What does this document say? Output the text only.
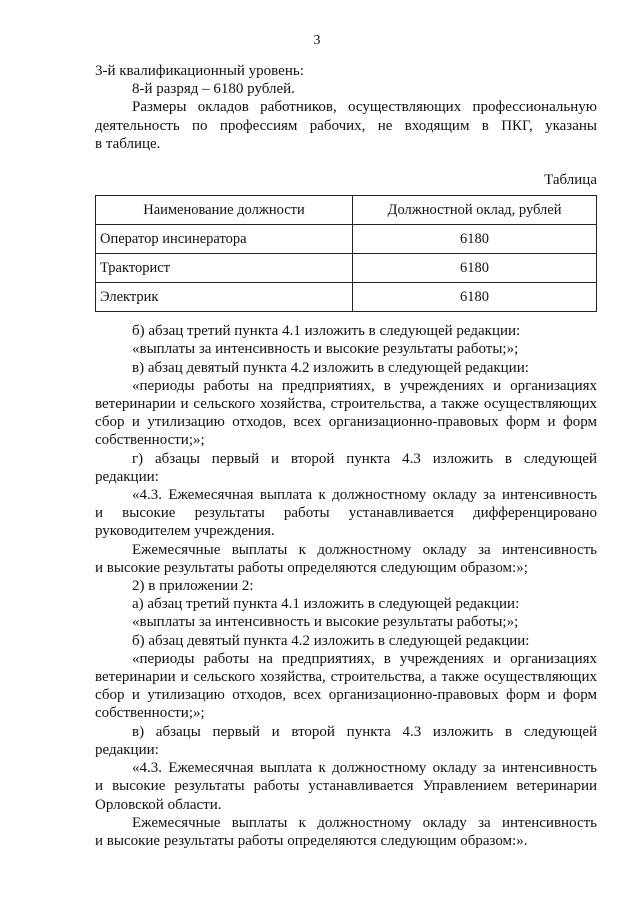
3

3-й квалификационный уровень:

8-й разряд – 6180 рублей.

Размеры окладов работников, осуществляющих профессиональную

деятельность по профессиям рабочих, не входящим в ПКГ, указаны

в таблице.

Таблица

Наименование должности	Должностной оклад, рублей
Оператор инсинератора	6180
Тракторист	6180
Электрик	6180

б) абзац третий пункта 4.1 изложить в следующей редакции:

«выплаты за интенсивность и высокие результаты работы;»;

в) абзац девятый пункта 4.2 изложить в следующей редакции:

«периоды работы на предприятиях, в учреждениях и организациях

ветеринарии и сельского хозяйства, строительства, а также осуществляющих

сбор и утилизацию отходов, всех организационно-правовых форм и форм

собственности;»;

г) абзацы первый и второй пункта 4.3 изложить в следующей

редакции:

«4.3. Ежемесячная выплата к должностному окладу за интенсивность

и высокие результаты работы устанавливается дифференцировано

руководителем учреждения.

Ежемесячные выплаты к должностному окладу за интенсивность

и высокие результаты работы определяются следующим образом:»;

2) в приложении 2:

а) абзац третий пункта 4.1 изложить в следующей редакции:

«выплаты за интенсивность и высокие результаты работы;»;

б) абзац девятый пункта 4.2 изложить в следующей редакции:

«периоды работы на предприятиях, в учреждениях и организациях

ветеринарии и сельского хозяйства, строительства, а также осуществляющих

сбор и утилизацию отходов, всех организационно-правовых форм и форм

собственности;»;

в) абзацы первый и второй пункта 4.3 изложить в следующей

редакции:

«4.3. Ежемесячная выплата к должностному окладу за интенсивность

и высокие результаты работы устанавливается Управлением ветеринарии

Орловской области.

Ежемесячные выплаты к должностному окладу за интенсивность

и высокие результаты работы определяются следующим образом:».
